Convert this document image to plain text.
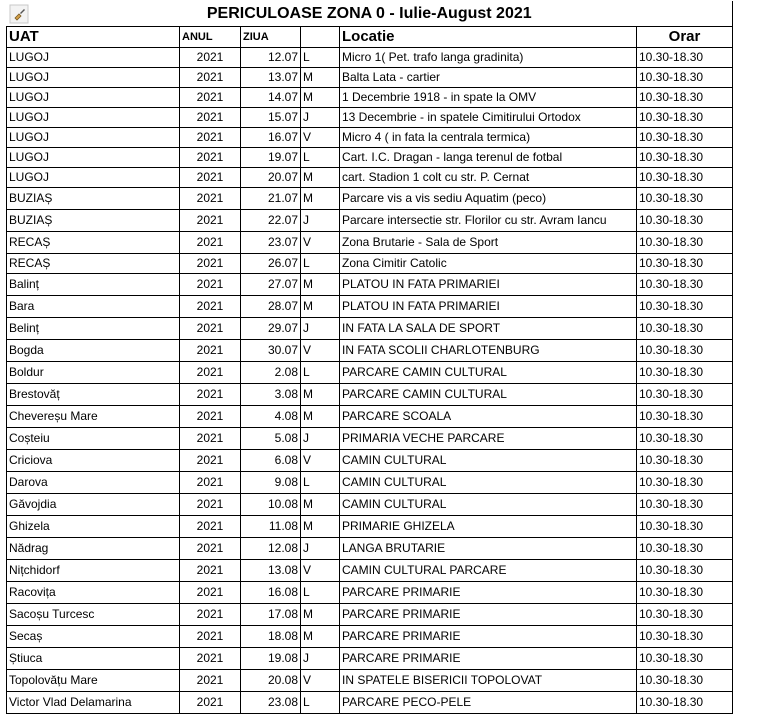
PERICULOASE ZONA 0 - Iulie-August 2021					
UAT	ANUL	ZIUA		Locatie	Orar
LUGOJ	2021	12.07	L	Micro 1( Pet. trafo langa gradinita)	10.30-18.30
LUGOJ	2021	13.07	M	Balta Lata - cartier	10.30-18.30
LUGOJ	2021	14.07	M	1 Decembrie 1918 - in spate la OMV	10.30-18.30
LUGOJ	2021	15.07	J	13 Decembrie - in spatele Cimitirului Ortodox	10.30-18.30
LUGOJ	2021	16.07	V	Micro 4 ( in fata la centrala termica)	10.30-18.30
LUGOJ	2021	19.07	L	Cart. I.C. Dragan - langa terenul de fotbal	10.30-18.30
LUGOJ	2021	20.07	M	cart. Stadion 1 colt cu str. P. Cernat	10.30-18.30
BUZIAȘ	2021	21.07	M	Parcare vis a vis sediu Aquatim (peco)	10.30-18.30
BUZIAȘ	2021	22.07	J	Parcare intersectie str. Florilor cu str. Avram Iancu	10.30-18.30
RECAȘ	2021	23.07	V	Zona Brutarie - Sala de Sport	10.30-18.30
RECAȘ	2021	26.07	L	Zona Cimitir Catolic	10.30-18.30
Balinț	2021	27.07	M	PLATOU IN FATA PRIMARIEI	10.30-18.30
Bara	2021	28.07	M	PLATOU IN FATA PRIMARIEI	10.30-18.30
Belinț	2021	29.07	J	IN FATA LA SALA DE SPORT	10.30-18.30
Bogda	2021	30.07	V	IN FATA SCOLII CHARLOTENBURG	10.30-18.30
Boldur	2021	2.08	L	PARCARE CAMIN CULTURAL	10.30-18.30
Brestovăț	2021	3.08	M	PARCARE CAMIN CULTURAL	10.30-18.30
Chevereșu Mare	2021	4.08	M	PARCARE SCOALA	10.30-18.30
Coșteiu	2021	5.08	J	PRIMARIA VECHE PARCARE	10.30-18.30
Criciova	2021	6.08	V	CAMIN CULTURAL	10.30-18.30
Darova	2021	9.08	L	CAMIN CULTURAL	10.30-18.30
Găvojdia	2021	10.08	M	CAMIN CULTURAL	10.30-18.30
Ghizela	2021	11.08	M	PRIMARIE GHIZELA	10.30-18.30
Nădrag	2021	12.08	J	LANGA BRUTARIE	10.30-18.30
Nițchidorf	2021	13.08	V	CAMIN CULTURAL PARCARE	10.30-18.30
Racovița	2021	16.08	L	PARCARE PRIMARIE	10.30-18.30
Sacoșu Turcesc	2021	17.08	M	PARCARE PRIMARIE	10.30-18.30
Secaș	2021	18.08	M	PARCARE PRIMARIE	10.30-18.30
Știuca	2021	19.08	J	PARCARE PRIMARIE	10.30-18.30
Topolovățu Mare	2021	20.08	V	IN SPATELE BISERICII TOPOLOVAT	10.30-18.30
Victor Vlad Delamarina	2021	23.08	L	PARCARE PECO-PELE	10.30-18.30
